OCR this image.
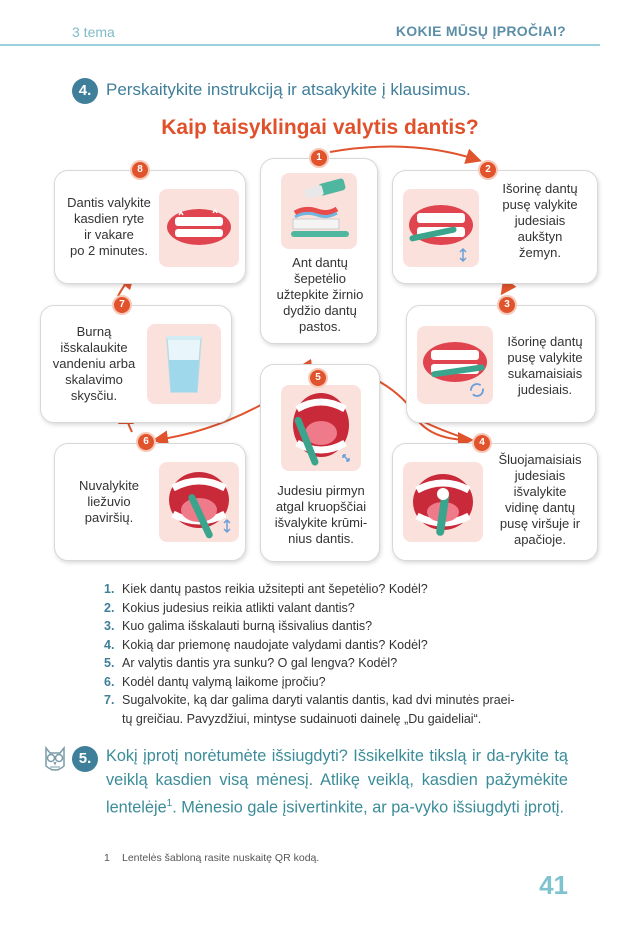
3 tema	KOKIE MŪSŲ ĮPROČIAI?
4. Perskaitykite instrukciją ir atsakykite į klausimus.
Kaip taisyklingai valytis dantis?
Ant dantų
šepetėlio
užtepkite žirnio
dydžio dantų
pastos.
1
Išorinę dantų
pusę valykite
judesiais
aukštyn
žemyn.
2
Išorinę dantų
pusę valykite
sukamaisiais
judesiais.
3
Šluojamaisiais
judesiais
išvalykite
vidinę dantų
pusę viršuje ir
apačioje.
4
Judesiu pirmyn
atgal kruopščiai
išvalykite krūmi-
nius dantis.
5
Nuvalykite
liežuvio
paviršių.
6
Burną
išskalaukite
vandeniu arba
skalavimo
skysčiu.
7
Dantis valykite
kasdien ryte
ir vakare
po 2 minutes.
8
1. Kiek dantų pastos reikia užsitepti ant šepetėlio? Kodėl?
2. Kokius judesius reikia atlikti valant dantis?
3. Kuo galima išskalauti burną išsivalius dantis?
4. Kokią dar priemonę naudojate valydami dantis? Kodėl?
5. Ar valytis dantis yra sunku? O gal lengva? Kodėl?
6. Kodėl dantų valymą laikome įpročiu?
7. Sugalvokite, ką dar galima daryti valantis dantis, kad dvi minutės praei-
tų greičiau. Pavyzdžiui, mintyse sudainuoti dainelę „Du gaideliai“.
5. Kokį įprotį norėtumėte išsiugdyti? Išsikelkite tikslą ir da-rykite tą veiklą kasdien visą mėnesį. Atlikę veiklą, kasdien pažymėkite lentelėje$^1$. Mėnesio gale įsivertinkite, ar pa-vyko išsiugdyti įprotį.
1 Lentelės šabloną rasite nuskaitę QR kodą.
41
